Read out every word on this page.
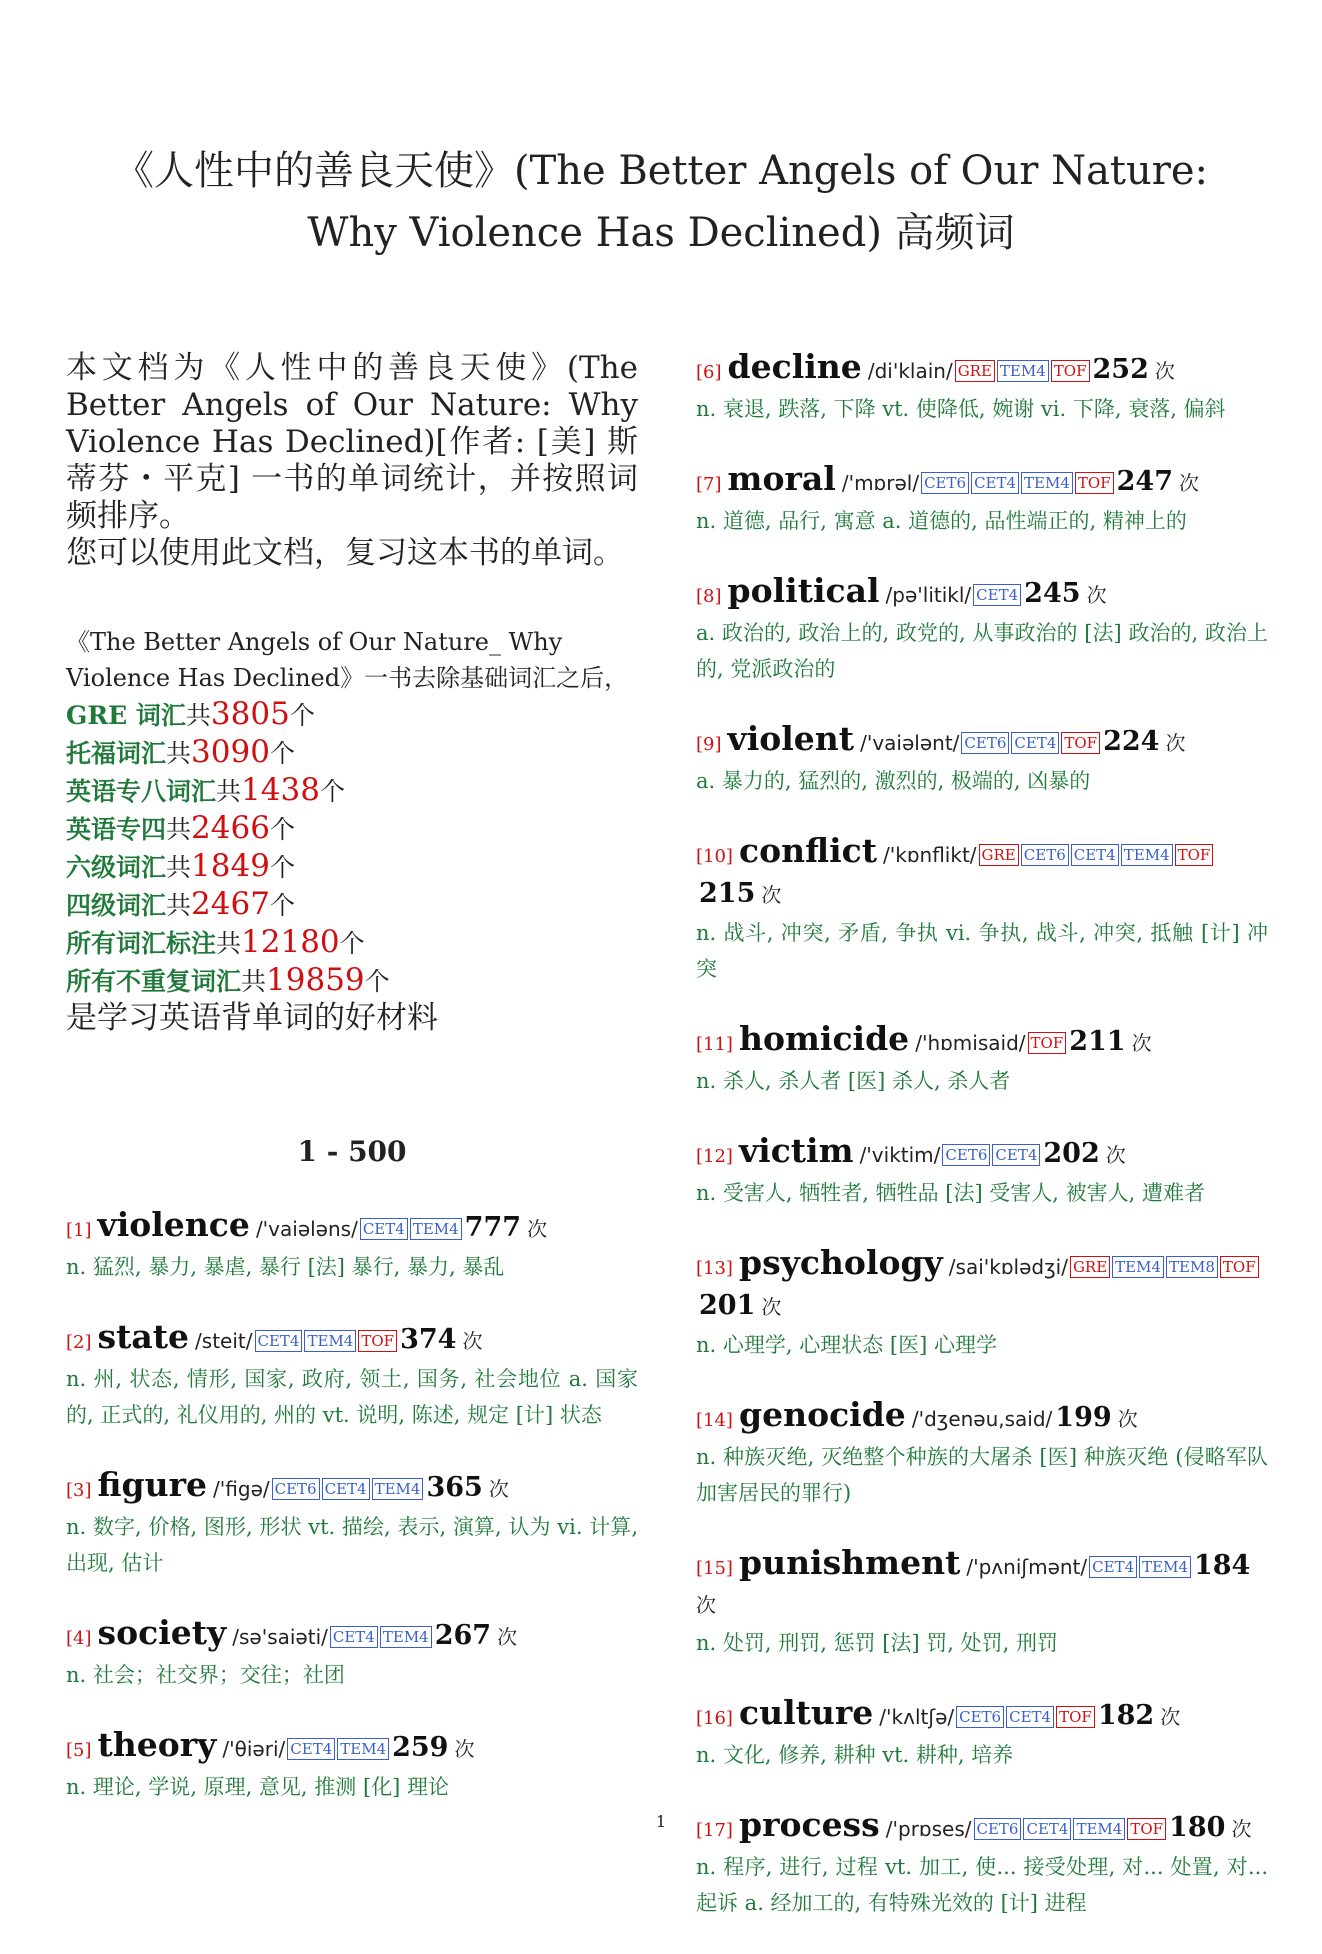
《人性中的善良天使》(The Better Angels of Our Nature: Why Violence Has Declined) 高频词

本文档为《人性中的善良天使》(The Better Angels of Our Nature: Why Violence Has Declined)[作者: [美] 斯蒂芬・平克] 一书的单词统计，并按照词频排序。

您可以使用此文档，复习这本书的单词。

《The Better Angels of Our Nature_ Why Violence Has Declined》一书去除基础词汇之后，

GRE 词汇共3805个

托福词汇共3090个

英语专八词汇共1438个

英语专四共2466个

六级词汇共1849个

四级词汇共2467个

所有词汇标注共12180个

所有不重复词汇共19859个

是学习英语背单词的好材料

1 - 500
[1] violence /'vaiələns/ CET4 TEM4 777 次

n. 猛烈, 暴力, 暴虐, 暴行 [法] 暴行, 暴力, 暴乱

[2] state /steit/ CET4 TEM4 TOF 374 次

n. 州, 状态, 情形, 国家, 政府, 领土, 国务, 社会地位 a. 国家的, 正式的, 礼仪用的, 州的 vt. 说明, 陈述, 规定 [计] 状态

[3] figure /'figə/ CET6 CET4 TEM4 365 次

n. 数字, 价格, 图形, 形状 vt. 描绘, 表示, 演算, 认为 vi. 计算, 出现, 估计

[4] society /sə'saiəti/ CET4 TEM4 267 次

n. 社会；社交界；交往；社团

[5] theory /'θiəri/ CET4 TEM4 259 次

n. 理论, 学说, 原理, 意见, 推测 [化] 理论

[6] decline /di'klain/ GRE TEM4 TOF 252 次

n. 衰退, 跌落, 下降 vt. 使降低, 婉谢 vi. 下降, 衰落, 偏斜

[7] moral /'mɒrəl/ CET6 CET4 TEM4 TOF 247 次

n. 道德, 品行, 寓意 a. 道德的, 品性端正的, 精神上的

[8] political /pə'litikl/ CET4 245 次

a. 政治的, 政治上的, 政党的, 从事政治的 [法] 政治的, 政治上的, 党派政治的

[9] violent /'vaiələnt/ CET6 CET4 TOF 224 次

a. 暴力的, 猛烈的, 激烈的, 极端的, 凶暴的

[10] conflict /'kɒnflikt/ GRE CET6 CET4 TEM4 TOF215 次

n. 战斗, 冲突, 矛盾, 争执 vi. 争执, 战斗, 冲突, 抵触 [计] 冲突

[11] homicide /'hɒmisaid/ TOF 211 次

n. 杀人, 杀人者 [医] 杀人, 杀人者

[12] victim /'viktim/ CET6 CET4 202 次

n. 受害人, 牺牲者, 牺牲品 [法] 受害人, 被害人, 遭难者

[13] psychology /sai'kɒlədʒi/ GRE TEM4 TEM8 TOF201 次

n. 心理学, 心理状态 [医] 心理学

[14] genocide /'dʒenəu,said/ 199 次

n. 种族灭绝, 灭绝整个种族的大屠杀 [医] 种族灭绝 (侵略军队加害居民的罪行)

[15] punishment /'pʌniʃmənt/ CET4 TEM4 184 次

n. 处罚, 刑罚, 惩罚 [法] 罚, 处罚, 刑罚

[16] culture /'kʌltʃə/ CET6 CET4 TOF 182 次

n. 文化, 修养, 耕种 vt. 耕种, 培养

[17] process /'prɒses/ CET6 CET4 TEM4 TOF 180 次

n. 程序, 进行, 过程 vt. 加工, 使... 接受处理, 对... 处置, 对... 起诉 a. 经加工的, 有特殊光效的 [计] 进程

1
